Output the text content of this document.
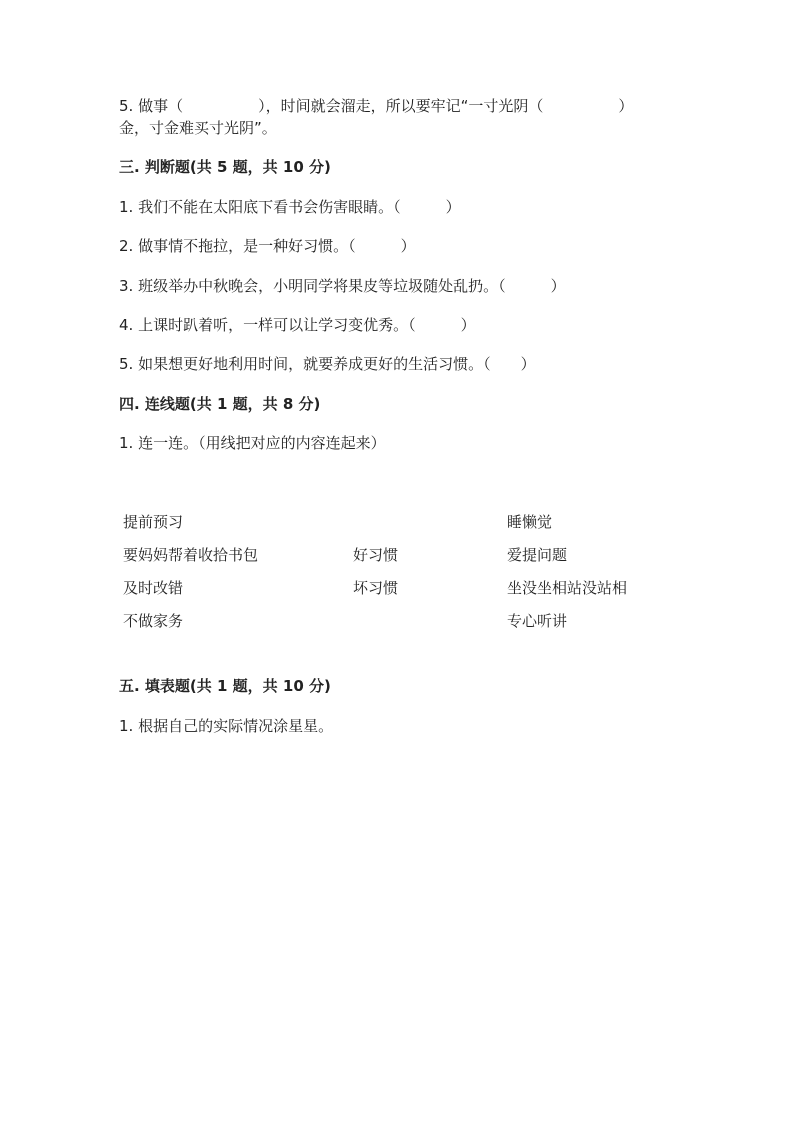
5. 做事（　　　　　），时间就会溜走，所以要牢记“一寸光阴（　　　　　）
金，寸金难买寸光阴”。
三. 判断题(共 5 题，共 10 分)
1. 我们不能在太阳底下看书会伤害眼睛。（　　　）
2. 做事情不拖拉，是一种好习惯。（　　　）
3. 班级举办中秋晚会，小明同学将果皮等垃圾随处乱扔。（　　　）
4. 上课时趴着听，一样可以让学习变优秀。（　　　）
5. 如果想更好地利用时间，就要养成更好的生活习惯。（　　）
四. 连线题(共 1 题，共 8 分)
1. 连一连。（用线把对应的内容连起来）
提前预习
要妈妈帮着收拾书包
及时改错
不做家务
好习惯
坏习惯
睡懒觉
爱提问题
坐没坐相站没站相
专心听讲
五. 填表题(共 1 题，共 10 分)
1. 根据自己的实际情况涂星星。
